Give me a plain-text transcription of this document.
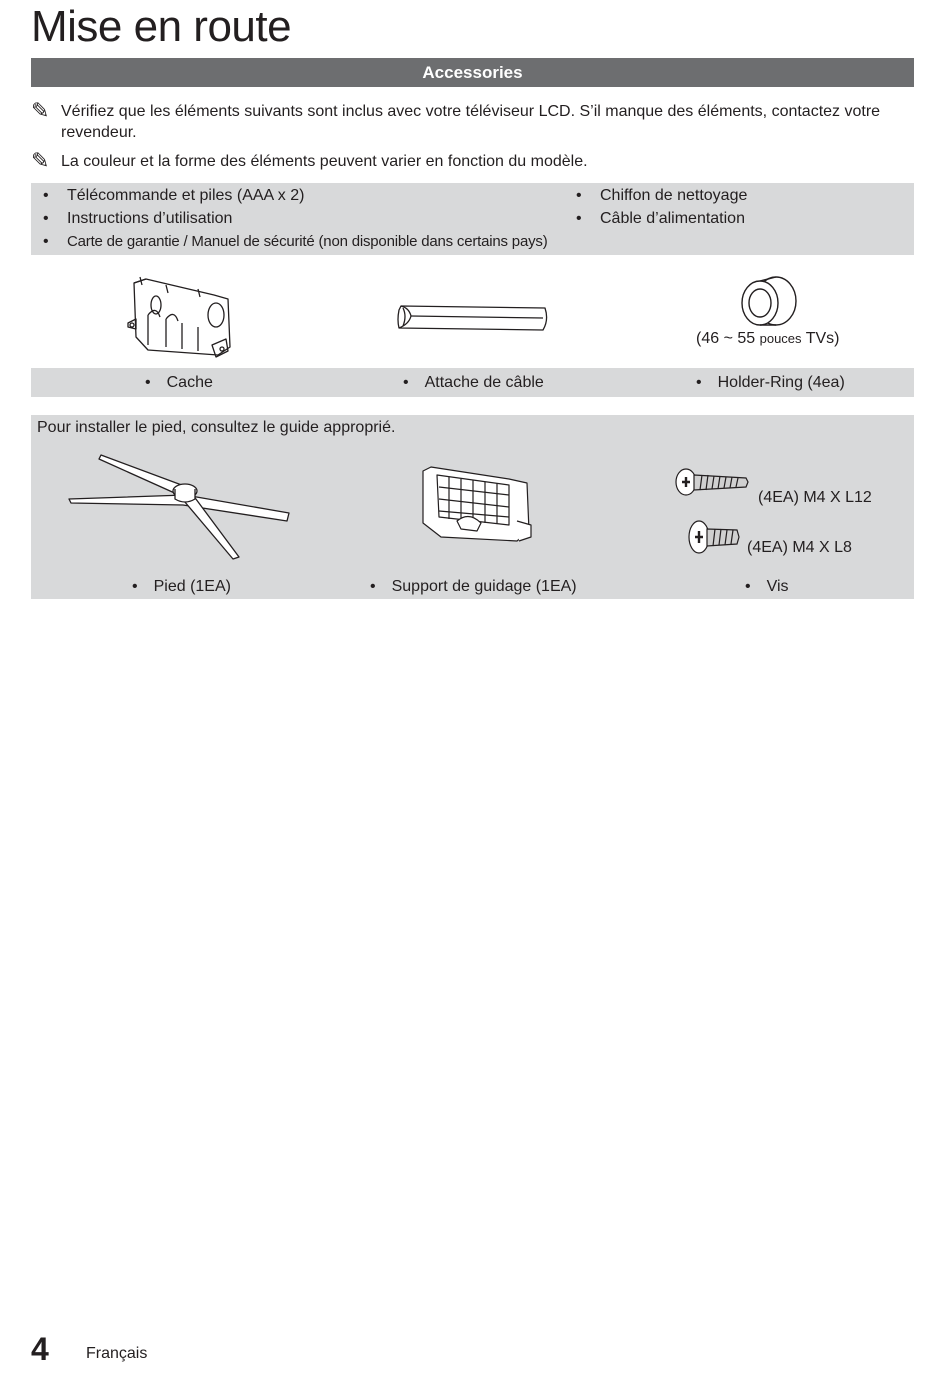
Mise en route
Accessories
✎ Vérifiez que les éléments suivants sont inclus avec votre téléviseur LCD. S’il manque des éléments, contactez votre revendeur.
✎ La couleur et la forme des éléments peuvent varier en fonction du modèle.
• Télécommande et piles (AAA x 2)
• Instructions d’utilisation
• Carte de garantie / Manuel de sécurité (non disponible dans certains pays)
• Chiffon de nettoyage
• Câble d’alimentation
(46 ~ 55 pouces TVs)
• Cache	• Attache de câble	• Holder-Ring (4ea)
Pour installer le pied, consultez le guide approprié.
(4EA) M4 X L12
(4EA) M4 X L8
• Pied (1EA)	• Support de guidage (1EA)	• Vis
4 Français
